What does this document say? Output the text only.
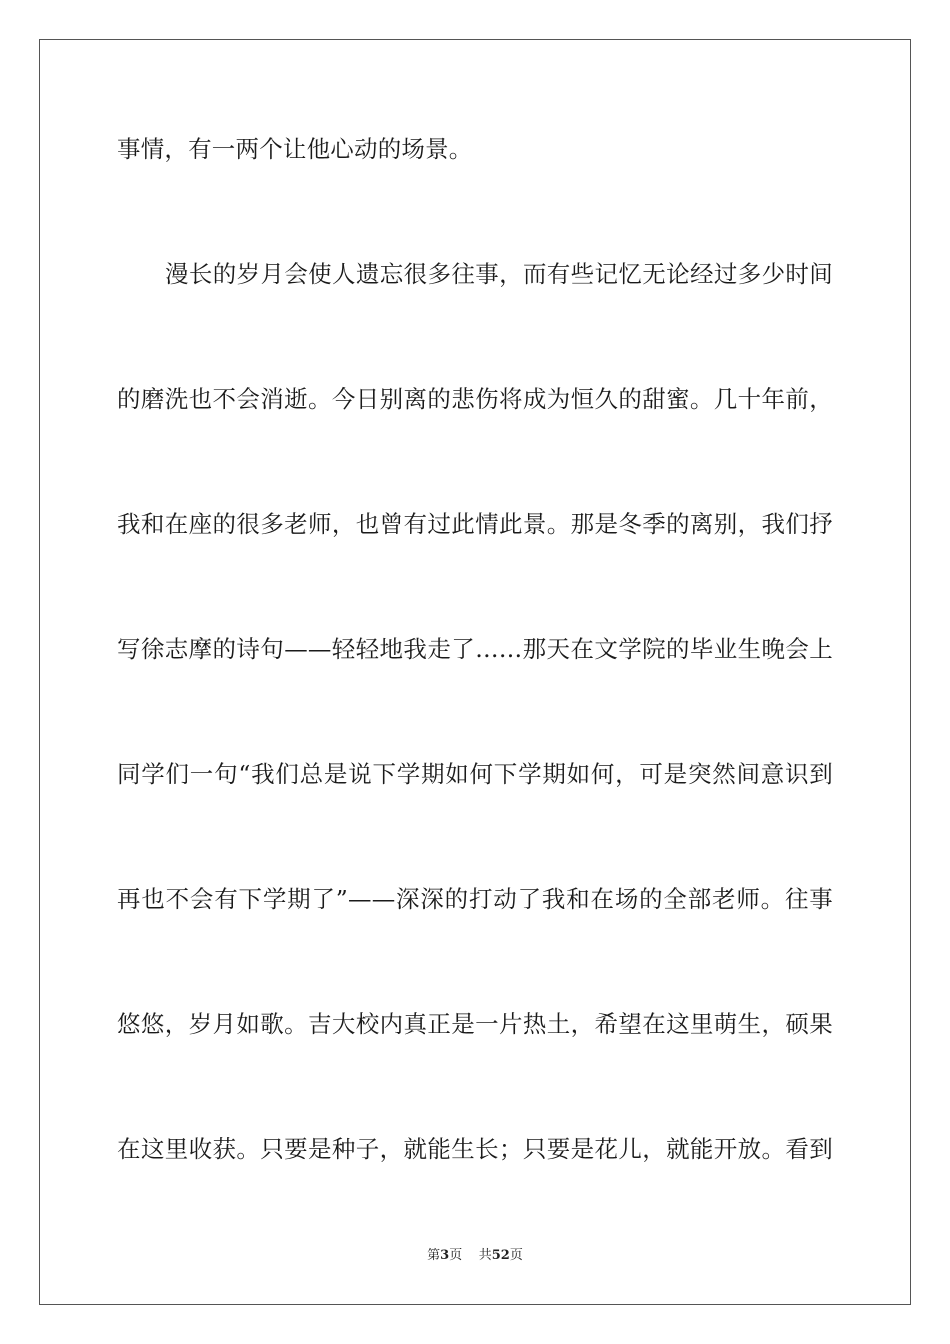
事情，有一两个让他心动的场景。
漫长的岁月会使人遗忘很多往事，而有些记忆无论经过多少时间
的磨洗也不会消逝。今日别离的悲伤将成为恒久的甜蜜。几十年前，
我和在座的很多老师，也曾有过此情此景。那是冬季的离别，我们抒
写徐志摩的诗句——轻轻地我走了……那天在文学院的毕业生晚会上
同学们一句“我们总是说下学期如何下学期如何，可是突然间意识到
再也不会有下学期了”——深深的打动了我和在场的全部老师。往事
悠悠，岁月如歌。吉大校内真正是一片热土，希望在这里萌生，硕果
在这里收获。只要是种子，就能生长；只要是花儿，就能开放。看到
第3页 共52页
